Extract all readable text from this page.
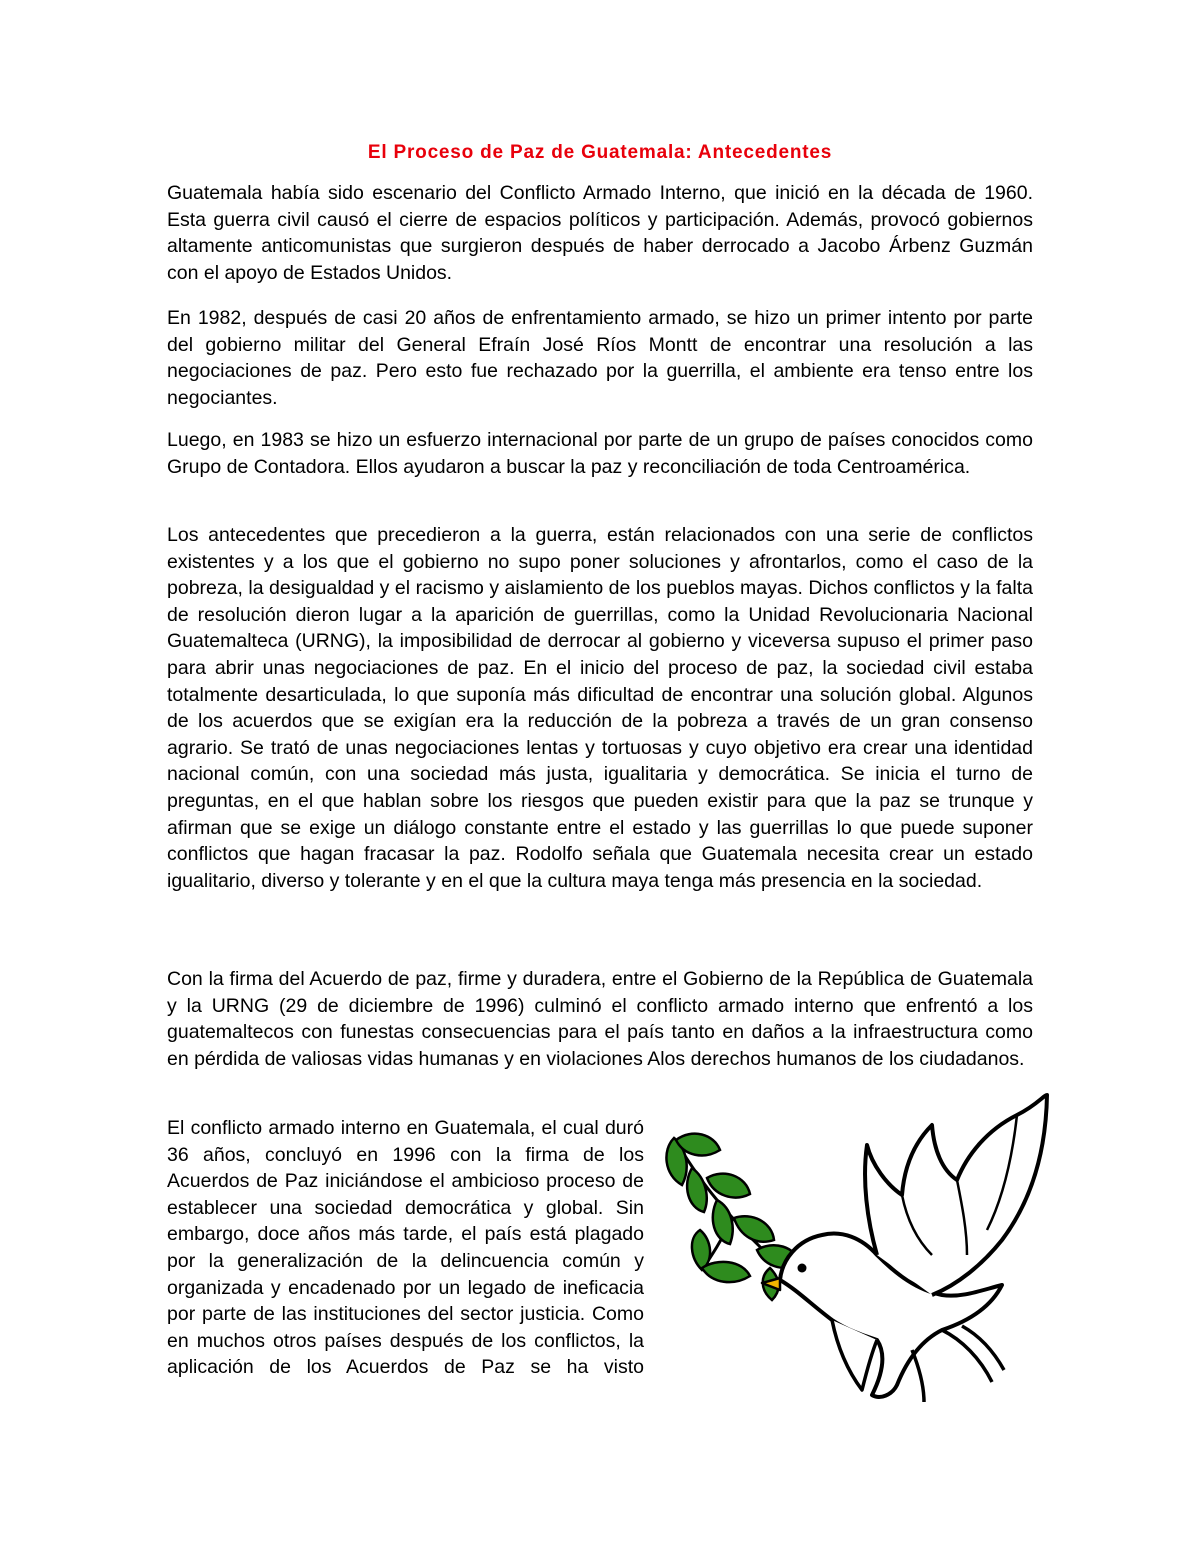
El Proceso de Paz de Guatemala: Antecedentes

Guatemala había sido escenario del Conflicto Armado Interno, que inició en la década de 1960. Esta guerra civil causó el cierre de espacios políticos y participación. Además, provocó gobiernos altamente anticomunistas que surgieron después de haber derrocado a Jacobo Árbenz Guzmán con el apoyo de Estados Unidos.

En 1982, después de casi 20 años de enfrentamiento armado, se hizo un primer intento por parte del gobierno militar del General Efraín José Ríos Montt de encontrar una resolución a las negociaciones de paz. Pero esto fue rechazado por la guerrilla, el ambiente era tenso entre los negociantes.

Luego, en 1983 se hizo un esfuerzo internacional por parte de un grupo de países conocidos como Grupo de Contadora. Ellos ayudaron a buscar la paz y reconciliación de toda Centroamérica.

Los antecedentes que precedieron a la guerra, están relacionados con una serie de conflictos existentes y a los que el gobierno no supo poner soluciones y afrontarlos, como el caso de la pobreza, la desigualdad y el racismo y aislamiento de los pueblos mayas. Dichos conflictos y la falta de resolución dieron lugar a la aparición de guerrillas, como la Unidad Revolucionaria Nacional Guatemalteca (URNG), la imposibilidad de derrocar al gobierno y viceversa supuso el primer paso para abrir unas negociaciones de paz. En el inicio del proceso de paz, la sociedad civil estaba totalmente desarticulada, lo que suponía más dificultad de encontrar una solución global. Algunos de los acuerdos que se exigían era la reducción de la pobreza a través de un gran consenso agrario. Se trató de unas negociaciones lentas y tortuosas y cuyo objetivo era crear una identidad nacional común, con una sociedad más justa, igualitaria y democrática. Se inicia el turno de preguntas, en el que hablan sobre los riesgos que pueden existir para que la paz se trunque y afirman que se exige un diálogo constante entre el estado y las guerrillas lo que puede suponer conflictos que hagan fracasar la paz. Rodolfo señala que Guatemala necesita crear un estado igualitario, diverso y tolerante y en el que la cultura maya tenga más presencia en la sociedad.

Con la firma del Acuerdo de paz, firme y duradera, entre el Gobierno de la República de Guatemala y la URNG (29 de diciembre de 1996) culminó el conflicto armado interno que enfrentó a los guatemaltecos con funestas consecuencias para el país tanto en daños a la infraestructura como en pérdida de valiosas vidas humanas y en violaciones Alos derechos humanos de los ciudadanos.

El conflicto armado interno en Guatemala, el cual duró 36 años, concluyó en 1996 con la firma de los Acuerdos de Paz iniciándose el ambicioso proceso de establecer una sociedad democrática y global. Sin embargo, doce años más tarde, el país está plagado por la generalización de la delincuencia común y organizada y encadenado por un legado de ineficacia por parte de las instituciones del sector justicia. Como en muchos otros países después de los conflictos, la aplicación de los Acuerdos de Paz se ha visto
